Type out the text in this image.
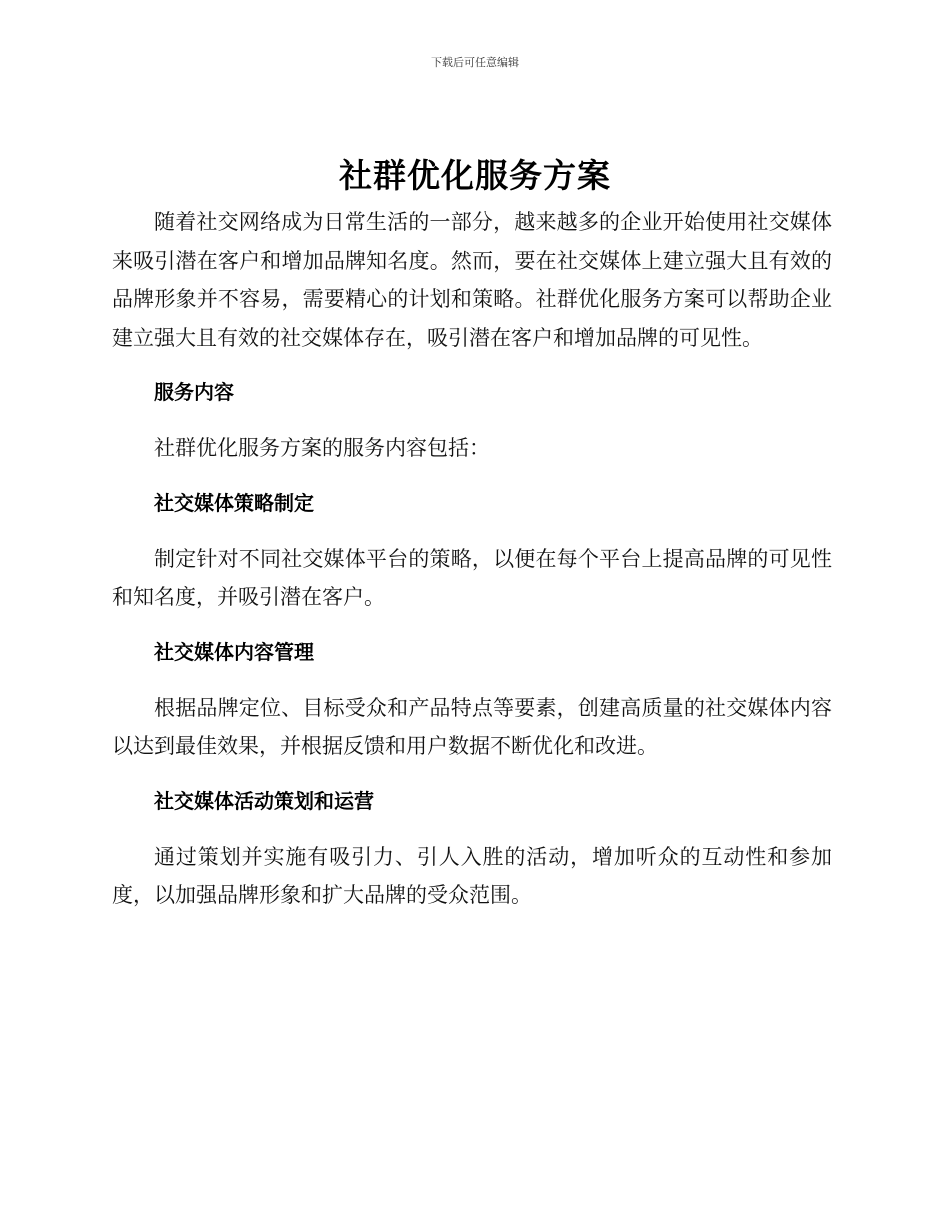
下载后可任意编辑
社群优化服务方案

随着社交网络成为日常生活的一部分，越来越多的企业开始使用社交媒体来吸引潜在客户和增加品牌知名度。然而，要在社交媒体上建立强大且有效的品牌形象并不容易，需要精心的计划和策略。社群优化服务方案可以帮助企业建立强大且有效的社交媒体存在，吸引潜在客户和增加品牌的可见性。

服务内容

社群优化服务方案的服务内容包括：

社交媒体策略制定

制定针对不同社交媒体平台的策略，以便在每个平台上提高品牌的可见性和知名度，并吸引潜在客户。

社交媒体内容管理

根据品牌定位、目标受众和产品特点等要素，创建高质量的社交媒体内容以达到最佳效果，并根据反馈和用户数据不断优化和改进。

社交媒体活动策划和运营

通过策划并实施有吸引力、引人入胜的活动，增加听众的互动性和参加度，以加强品牌形象和扩大品牌的受众范围。
